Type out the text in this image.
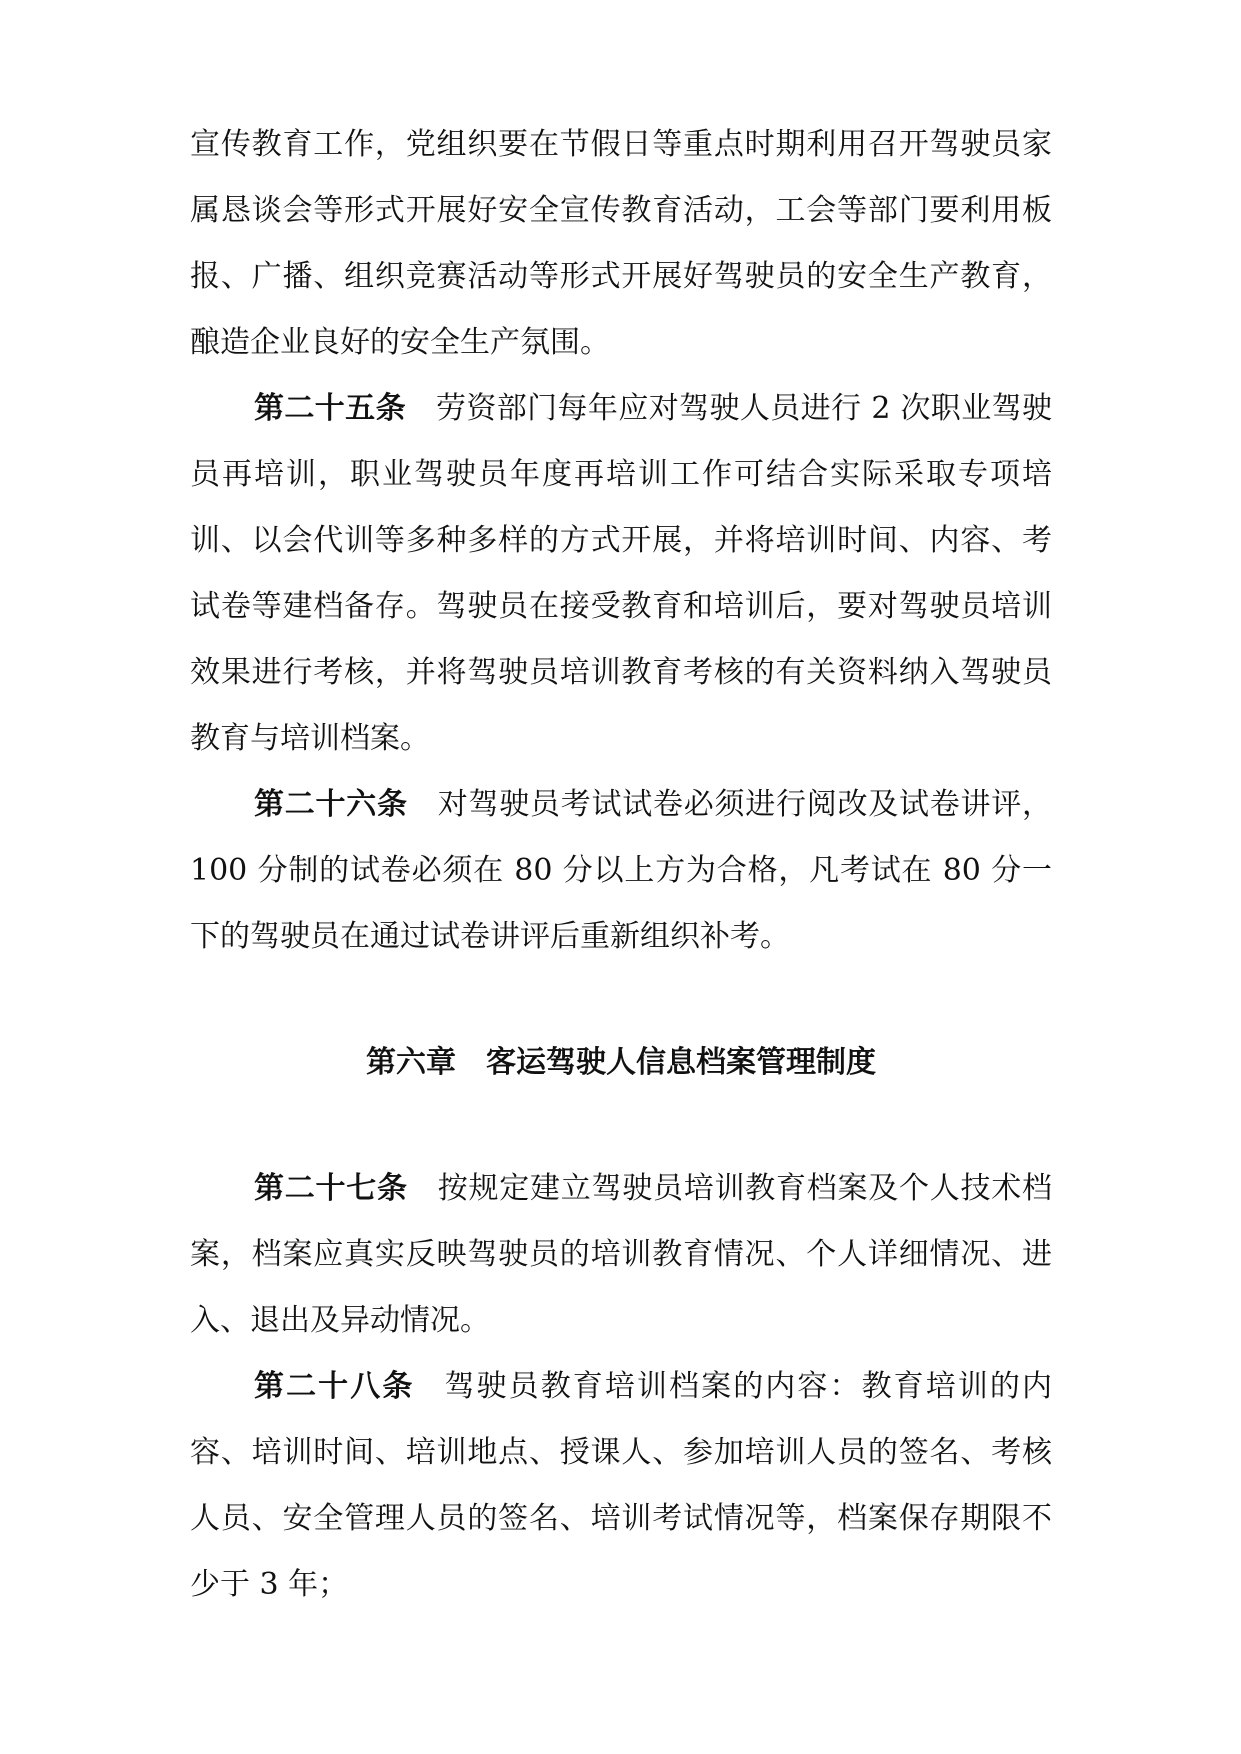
宣传教育工作，党组织要在节假日等重点时期利用召开驾驶员家属恳谈会等形式开展好安全宣传教育活动，工会等部门要利用板报、广播、组织竞赛活动等形式开展好驾驶员的安全生产教育，酿造企业良好的安全生产氛围。

第二十五条 劳资部门每年应对驾驶人员进行 2 次职业驾驶员再培训，职业驾驶员年度再培训工作可结合实际采取专项培训、以会代训等多种多样的方式开展，并将培训时间、内容、考试卷等建档备存。驾驶员在接受教育和培训后，要对驾驶员培训效果进行考核，并将驾驶员培训教育考核的有关资料纳入驾驶员教育与培训档案。

第二十六条 对驾驶员考试试卷必须进行阅改及试卷讲评，100 分制的试卷必须在 80 分以上方为合格，凡考试在 80 分一下的驾驶员在通过试卷讲评后重新组织补考。

第六章　客运驾驶人信息档案管理制度

第二十七条 按规定建立驾驶员培训教育档案及个人技术档案，档案应真实反映驾驶员的培训教育情况、个人详细情况、进入、退出及异动情况。

第二十八条 驾驶员教育培训档案的内容：教育培训的内容、培训时间、培训地点、授课人、参加培训人员的签名、考核人员、安全管理人员的签名、培训考试情况等，档案保存期限不少于 3 年；
